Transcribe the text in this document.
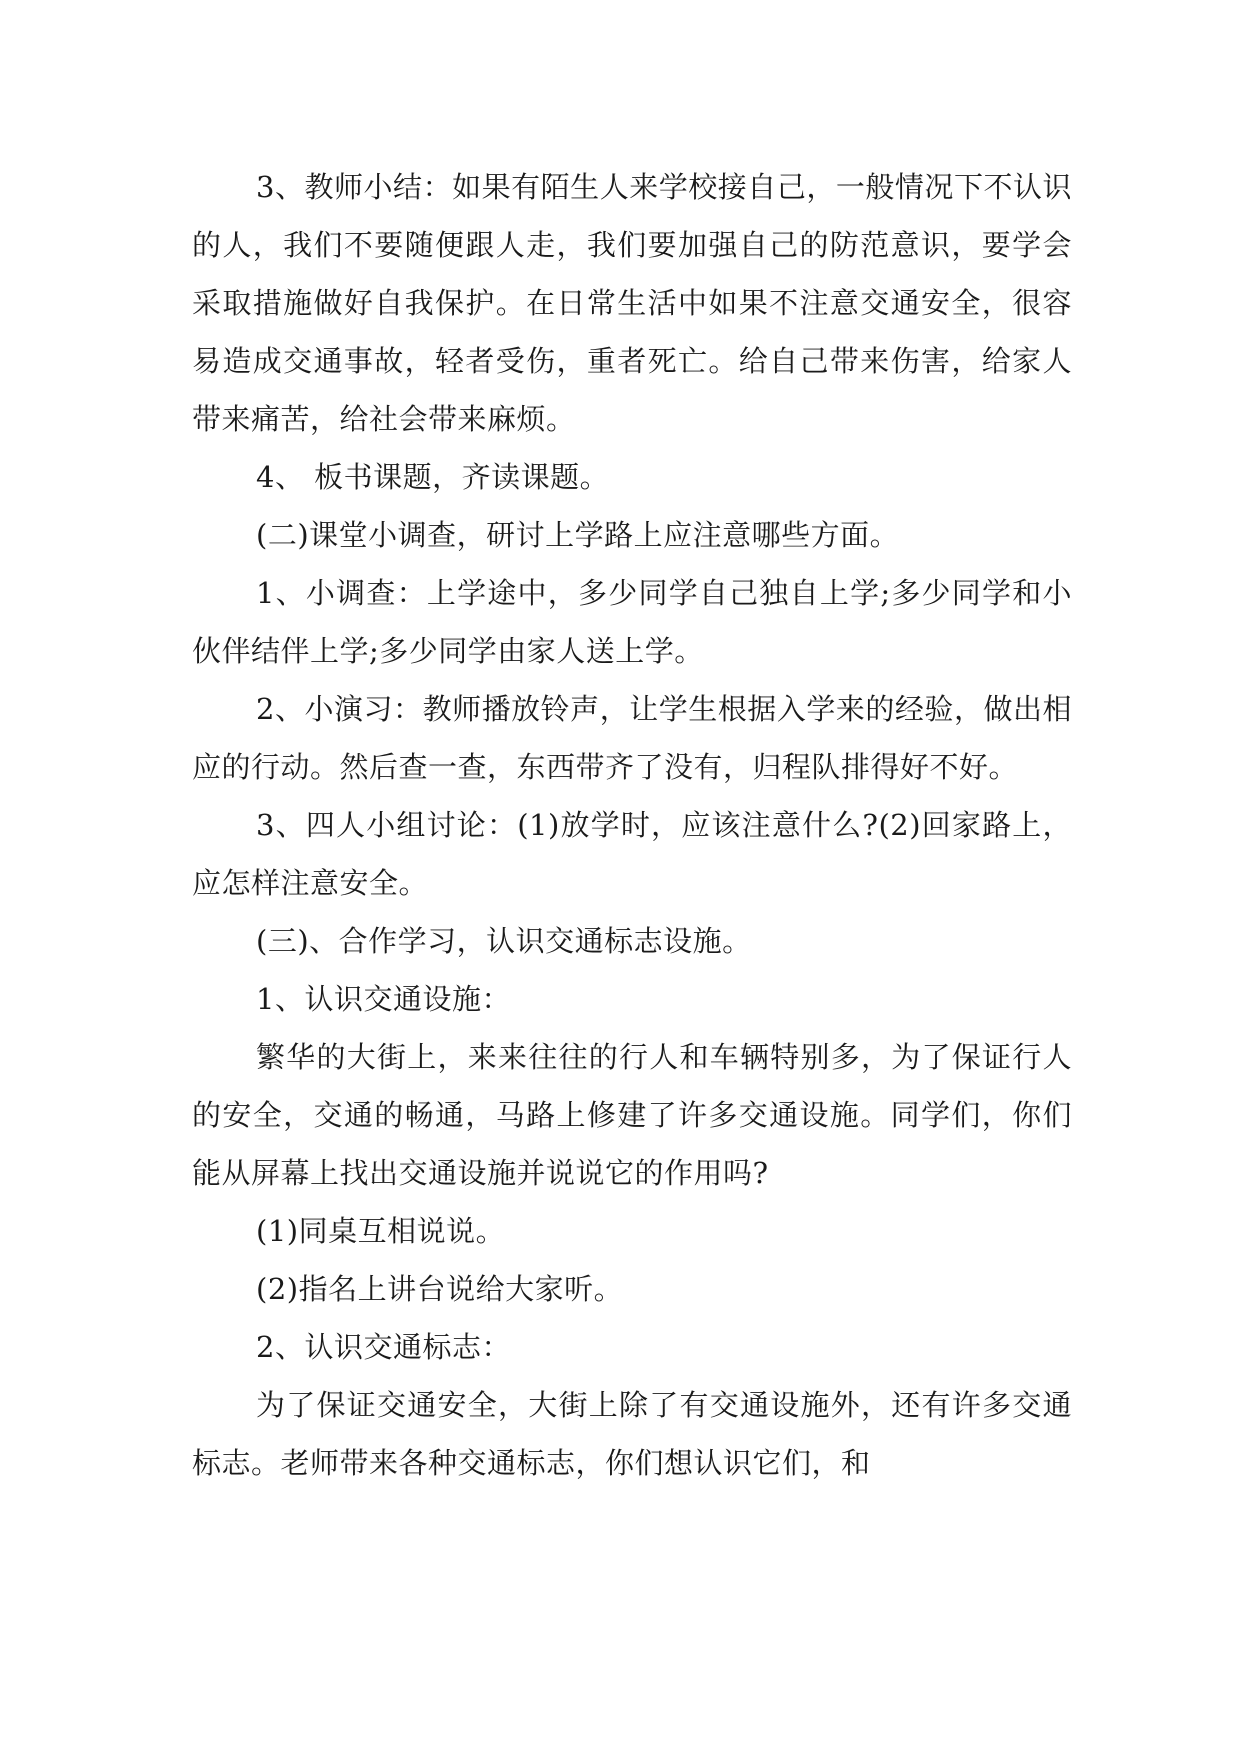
3、教师小结：如果有陌生人来学校接自己，一般情况下不认识的人，我们不要随便跟人走，我们要加强自己的防范意识，要学会采取措施做好自我保护。在日常生活中如果不注意交通安全，很容易造成交通事故，轻者受伤，重者死亡。给自己带来伤害，给家人带来痛苦，给社会带来麻烦。

4、 板书课题，齐读课题。

(二)课堂小调查，研讨上学路上应注意哪些方面。

1、小调查：上学途中，多少同学自己独自上学;多少同学和小伙伴结伴上学;多少同学由家人送上学。

2、小演习：教师播放铃声，让学生根据入学来的经验，做出相应的行动。然后查一查，东西带齐了没有，归程队排得好不好。

3、四人小组讨论：(1)放学时，应该注意什么?(2)回家路上，应怎样注意安全。

(三)、合作学习，认识交通标志设施。

1、认识交通设施：

繁华的大街上，来来往往的行人和车辆特别多，为了保证行人的安全，交通的畅通，马路上修建了许多交通设施。同学们，你们能从屏幕上找出交通设施并说说它的作用吗?

(1)同桌互相说说。

(2)指名上讲台说给大家听。

2、认识交通标志：

为了保证交通安全，大街上除了有交通设施外，还有许多交通标志。老师带来各种交通标志，你们想认识它们，和
